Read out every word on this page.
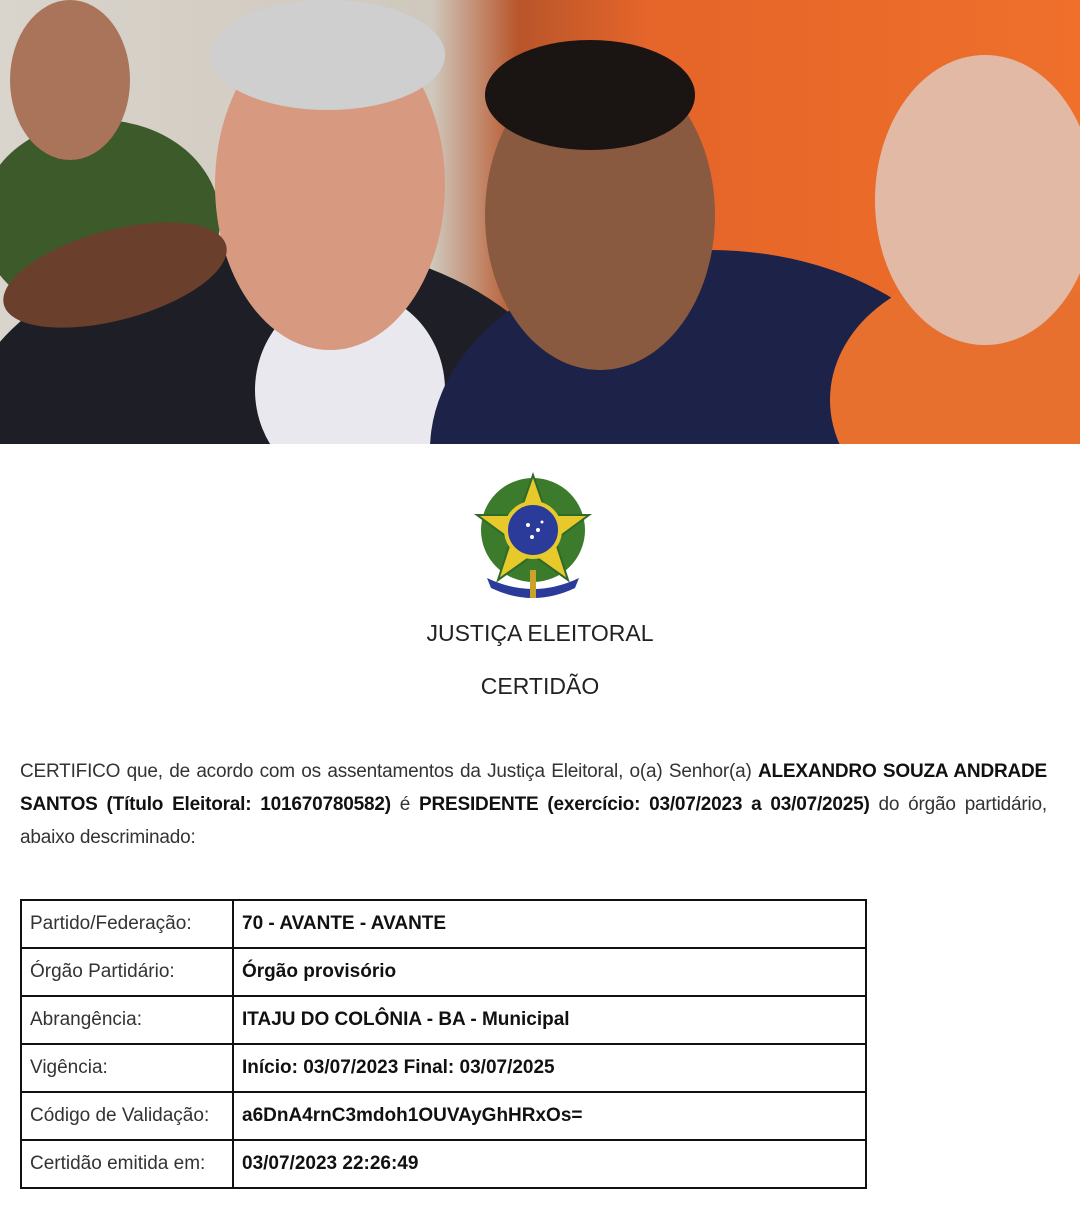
JUSTIÇA ELEITORAL
CERTIDÃO
CERTIFICO que, de acordo com os assentamentos da Justiça Eleitoral, o(a) Senhor(a) ALEXANDRO SOUZA ANDRADE SANTOS (Título Eleitoral: 101670780582) é PRESIDENTE (exercício: 03/07/2023 a 03/07/2025) do órgão partidário, abaixo descriminado:
Partido/Federação:	70 - AVANTE - AVANTE
Órgão Partidário:	Órgão provisório
Abrangência:	ITAJU DO COLÔNIA - BA - Municipal
Vigência:	Início: 03/07/2023 Final: 03/07/2025
Código de Validação:	a6DnA4rnC3mdoh1OUVAyGhHRxOs=
Certidão emitida em:	03/07/2023 22:26:49
